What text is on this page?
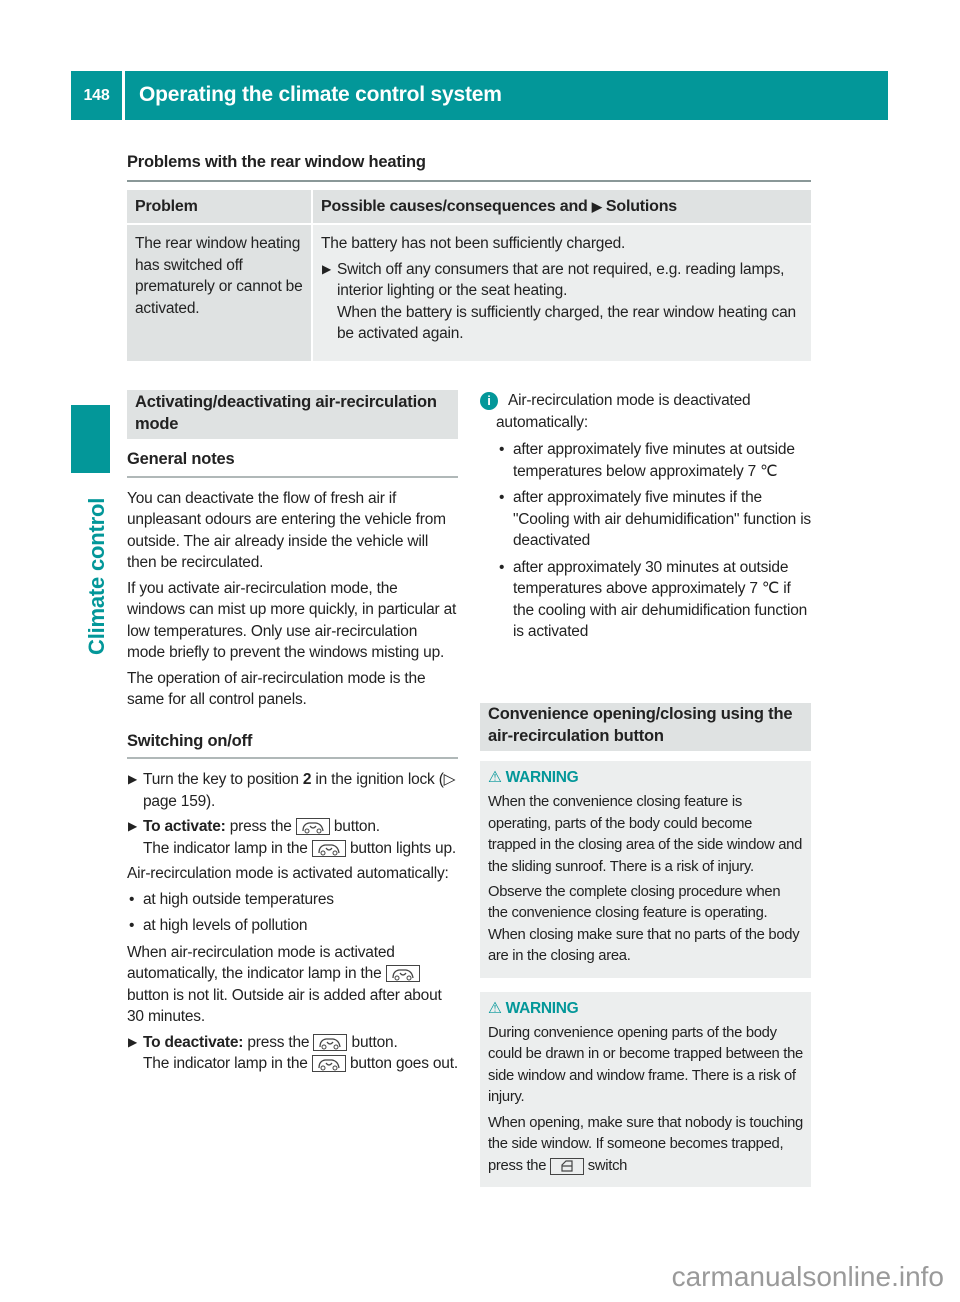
148	Operating the climate control system
Climate control
Problems with the rear window heating
Problem	Possible causes/consequences and ▶ Solutions
The rear window heating has switched off prematurely or cannot be activated.	The battery has not been sufficiently charged.

▶ Switch off any consumers that are not required, e.g. reading lamps, interior lighting or the seat heating.
When the battery is sufficiently charged, the rear window heating can be activated again.
Activating/deactivating air-recirculation mode
General notes

You can deactivate the flow of fresh air if unpleasant odours are entering the vehicle from outside. The air already inside the vehicle will then be recirculated.

If you activate air-recirculation mode, the windows can mist up more quickly, in particular at low temperatures. Only use air-recirculation mode briefly to prevent the windows misting up.

The operation of air-recirculation mode is the same for all control panels.

Switching on/off
▶ Turn the key to position 2 in the ignition lock (▷ page 159).
▶ To activate: press the  button.
The indicator lamp in the  button lights up.

Air-recirculation mode is activated automatically:

• at high outside temperatures
• at high levels of pollution

When air-recirculation mode is activated automatically, the indicator lamp in the  button is not lit. Outside air is added after about 30 minutes.

▶ To deactivate: press the  button.
The indicator lamp in the  button goes out.
i	Air-recirculation mode is deactivated automatically:
• after approximately five minutes at outside temperatures below approximately 7 ℃
• after approximately five minutes if the "Cooling with air dehumidification" function is deactivated
• after approximately 30 minutes at outside temperatures above approximately 7 ℃ if the cooling with air dehumidification function is activated
Convenience opening/closing using the air-recirculation button
⚠ WARNING

When the convenience closing feature is operating, parts of the body could become trapped in the closing area of the side window and the sliding sunroof. There is a risk of injury.

Observe the complete closing procedure when the convenience closing feature is operating. When closing make sure that no parts of the body are in the closing area.

⚠ WARNING

During convenience opening parts of the body could be drawn in or become trapped between the side window and window frame. There is a risk of injury.

When opening, make sure that nobody is touching the side window. If someone becomes trapped, press the  switch

carmanualsonline.info
